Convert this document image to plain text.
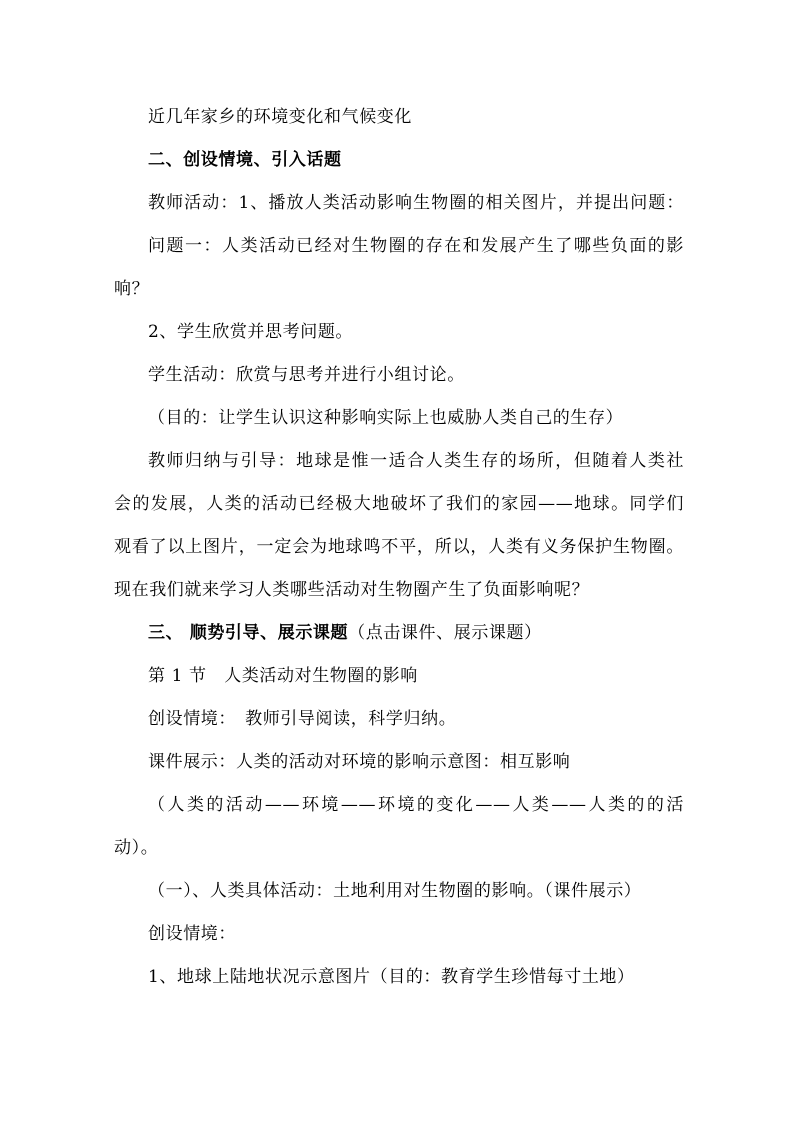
近几年家乡的环境变化和气候变化
二、创设情境、引入话题
教师活动：1、播放人类活动影响生物圈的相关图片，并提出问题：
问题一：人类活动已经对生物圈的存在和发展产生了哪些负面的影
响？
2、学生欣赏并思考问题。
学生活动：欣赏与思考并进行小组讨论。
（目的：让学生认识这种影响实际上也威胁人类自己的生存）
教师归纳与引导：地球是惟一适合人类生存的场所，但随着人类社
会的发展，人类的活动已经极大地破坏了我们的家园——地球。同学们
观看了以上图片，一定会为地球鸣不平，所以，人类有义务保护生物圈。
现在我们就来学习人类哪些活动对生物圈产生了负面影响呢？
三、 顺势引导、展示课题（点击课件、展示课题）
第 1 节　人类活动对生物圈的影响
创设情境：　教师引导阅读，科学归纳。
课件展示：人类的活动对环境的影响示意图：相互影响
（人类的活动——环境——环境的变化——人类——人类的的活
动）。
（一）、人类具体活动：土地利用对生物圈的影响。（课件展示）
创设情境：
1、地球上陆地状况示意图片（目的：教育学生珍惜每寸土地）
